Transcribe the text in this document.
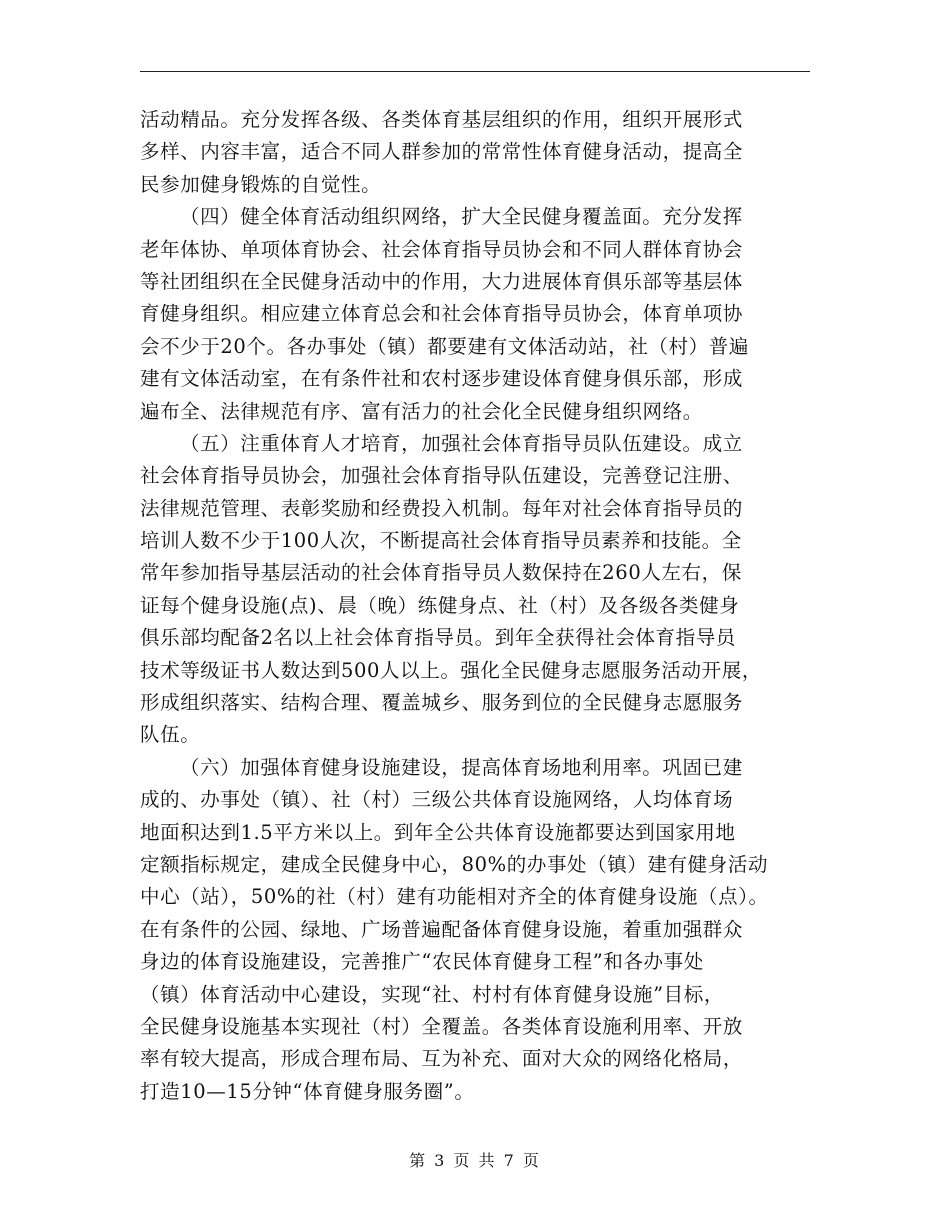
活动精品。充分发挥各级、各类体育基层组织的作用，组织开展形式
多样、内容丰富，适合不同人群参加的常常性体育健身活动，提高全
民参加健身锻炼的自觉性。
（四）健全体育活动组织网络，扩大全民健身覆盖面。充分发挥
老年体协、单项体育协会、社会体育指导员协会和不同人群体育协会
等社团组织在全民健身活动中的作用，大力进展体育俱乐部等基层体
育健身组织。相应建立体育总会和社会体育指导员协会，体育单项协
会不少于20个。各办事处（镇）都要建有文体活动站，社（村）普遍
建有文体活动室，在有条件社和农村逐步建设体育健身俱乐部，形成
遍布全、法律规范有序、富有活力的社会化全民健身组织网络。
（五）注重体育人才培育，加强社会体育指导员队伍建设。成立
社会体育指导员协会，加强社会体育指导队伍建设，完善登记注册、
法律规范管理、表彰奖励和经费投入机制。每年对社会体育指导员的
培训人数不少于100人次，不断提高社会体育指导员素养和技能。全
常年参加指导基层活动的社会体育指导员人数保持在260人左右，保
证每个健身设施(点)、晨（晚）练健身点、社（村）及各级各类健身
俱乐部均配备2名以上社会体育指导员。到年全获得社会体育指导员
技术等级证书人数达到500人以上。强化全民健身志愿服务活动开展，
形成组织落实、结构合理、覆盖城乡、服务到位的全民健身志愿服务
队伍。
（六）加强体育健身设施建设，提高体育场地利用率。巩固已建
成的、办事处（镇）、社（村）三级公共体育设施网络，人均体育场
地面积达到1.5平方米以上。到年全公共体育设施都要达到国家用地
定额指标规定，建成全民健身中心，80%的办事处（镇）建有健身活动
中心（站），50%的社（村）建有功能相对齐全的体育健身设施（点）。
在有条件的公园、绿地、广场普遍配备体育健身设施，着重加强群众
身边的体育设施建设，完善推广“农民体育健身工程”和各办事处
（镇）体育活动中心建设，实现“社、村村有体育健身设施”目标，
全民健身设施基本实现社（村）全覆盖。各类体育设施利用率、开放
率有较大提高，形成合理布局、互为补充、面对大众的网络化格局，
打造10—15分钟“体育健身服务圈”。
第 3 页 共 7 页
